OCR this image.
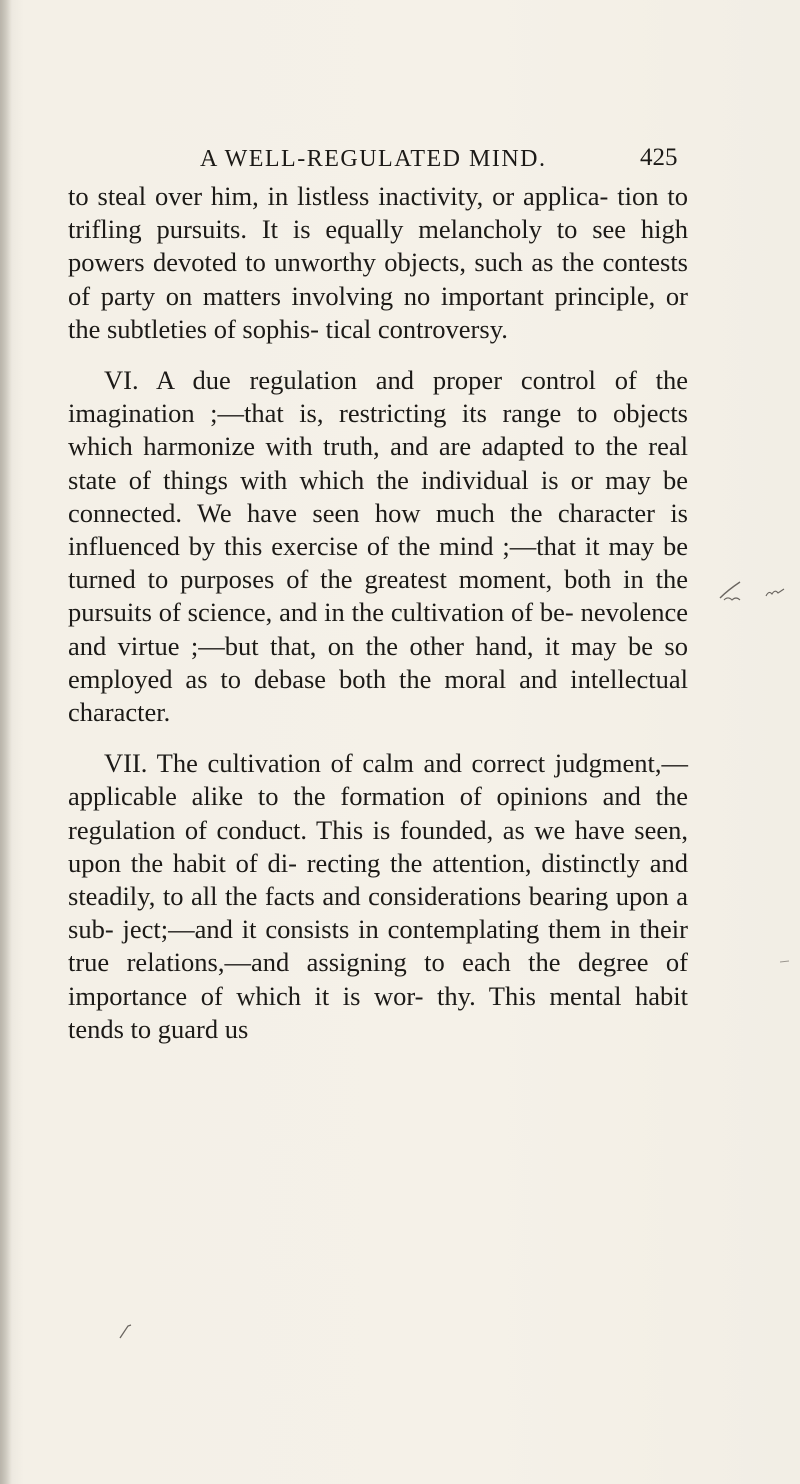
A WELL-REGULATED MIND.	425

to steal over him, in listless inactivity, or applica- tion to trifling pursuits. It is equally melancholy to see high powers devoted to unworthy objects, such as the contests of party on matters involving no important principle, or the subtleties of sophis- tical controversy.

VI. A due regulation and proper control of the imagination ;—that is, restricting its range to objects which harmonize with truth, and are adapted to the real state of things with which the individual is or may be connected. We have seen how much the character is influenced by this exercise of the mind ;—that it may be turned to purposes of the greatest moment, both in the pursuits of science, and in the cultivation of be- nevolence and virtue ;—but that, on the other hand, it may be so employed as to debase both the moral and intellectual character.

VII. The cultivation of calm and correct judgment,—applicable alike to the formation of opinions and the regulation of conduct. This is founded, as we have seen, upon the habit of di- recting the attention, distinctly and steadily, to all the facts and considerations bearing upon a sub- ject;—and it consists in contemplating them in their true relations,—and assigning to each the degree of importance of which it is wor- thy. This mental habit tends to guard us
